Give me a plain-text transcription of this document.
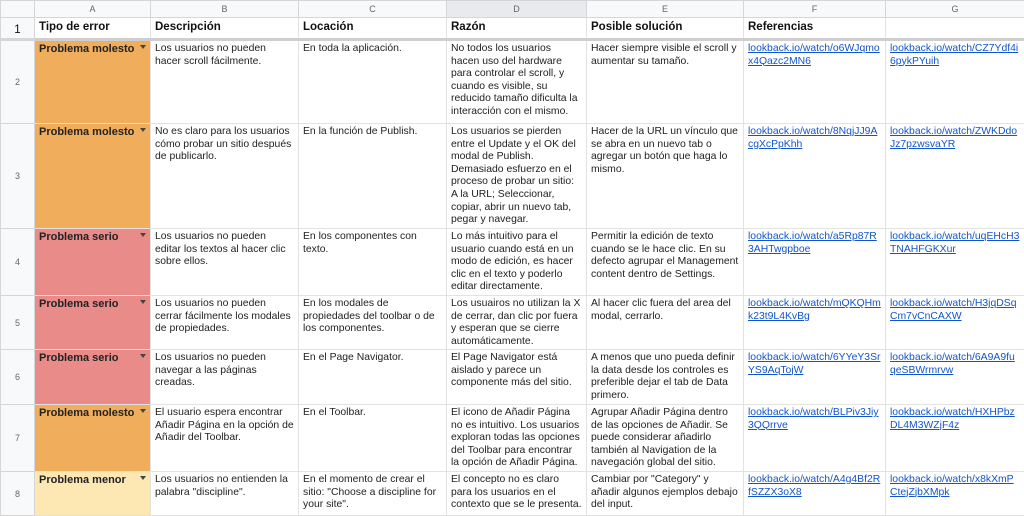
	A	B	C	D	E	F	G
1	Tipo de error	Descripción	Locación	Razón	Posible solución	Referencias	
2	Problema molesto	Los usuarios no pueden hacer scroll fácilmente.	En toda la aplicación.	No todos los usuarios hacen uso del hardware para controlar el scroll, y cuando es visible, su reducido tamaño dificulta la interacción con el mismo.	Hacer siempre visible el scroll y aumentar su tamaño.	lookback.io/watch/o6WJqmox4Qazc2MN6	lookback.io/watch/CZ7Ydf4i6pykPYuih
3	Problema molesto	No es claro para los usuarios cómo probar un sitio después de publicarlo.	En la función de Publish.	Los usuarios se pierden entre el Update y el OK del modal de Publish. Demasiado esfuerzo en el proceso de probar un sitio: A la URL; Seleccionar, copiar, abrir un nuevo tab, pegar y navegar.	Hacer de la URL un vínculo que se abra en un nuevo tab o agregar un botón que haga lo mismo.	lookback.io/watch/8NqjJJ9AcgXcPpKhh	lookback.io/watch/ZWKDdoJz7pzwsvaYR
4	Problema serio	Los usuarios no pueden editar los textos al hacer clic sobre ellos.	En los componentes con texto.	Lo más intuitivo para el usuario cuando está en un modo de edición, es hacer clic en el texto y poderlo editar directamente.	Permitir la edición de texto cuando se le hace clic. En su defecto agrupar el Management content dentro de Settings.	lookback.io/watch/a5Rp87R3AHTwgpboe	lookback.io/watch/uqEHcH3TNAHFGKXur
5	Problema serio	Los usuarios no pueden cerrar fácilmente los modales de propiedades.	En los modales de propiedades del toolbar o de los componentes.	Los usuairos no utilizan la X de cerrar, dan clic por fuera y esperan que se cierre automáticamente.	Al hacer clic fuera del area del modal, cerrarlo.	lookback.io/watch/mQKQHmk23t9L4KvBg	lookback.io/watch/H3jqDSqCm7vCnCAXW
6	Problema serio	Los usuarios no pueden navegar a las páginas creadas.	En el Page Navigator.	El Page Navigator está aislado y parece un componente más del sitio.	A menos que uno pueda definir la data desde los controles es preferible dejar el tab de Data primero.	lookback.io/watch/6YYeY3SrYS9AqTojW	lookback.io/watch/6A9A9fuqeSBWrmrvw
7	Problema molesto	El usuario espera encontrar Añadir Página en la opción de Añadir del Toolbar.	En el Toolbar.	El icono de Añadir Página no es intuitivo. Los usuarios exploran todas las opciones del Toolbar para encontrar la opción de Añadir Página.	Agrupar Añadir Página dentro de las opciones de Añadir. Se puede considerar añadirlo también al Navigation de la navegación global del sitio.	lookback.io/watch/BLPiv3Jiy3QQrrve	lookback.io/watch/HXHPbzDL4M3WZjF4z
8	Problema menor	Los usuarios no entienden la palabra "discipline".	En el momento de crear el sitio: "Choose a discipline for your site".	El concepto no es claro para los usuarios en el contexto que se le presenta.	Cambiar por "Category" y añadir algunos ejemplos debajo del input.	lookback.io/watch/A4g4Bf2RfSZZX3oX8	lookback.io/watch/x8kXmPCtejZjbXMpk
